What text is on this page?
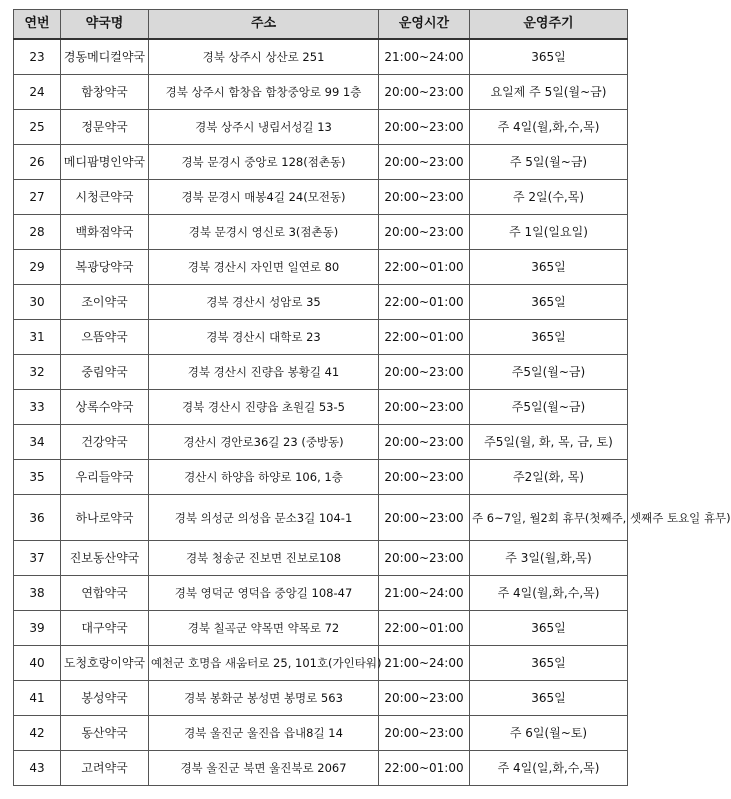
연번	약국명	주소	운영시간	운영주기
23	경동메디컬약국	경북 상주시 상산로 251	21:00~24:00	365일
24	함창약국	경북 상주시 함창읍 함창중앙로 99 1층	20:00~23:00	요일제 주 5일(월~금)
25	정문약국	경북 상주시 냉림서성길 13	20:00~23:00	주 4일(월,화,수,목)
26	메디팜명인약국	경북 문경시 중앙로 128(점촌동)	20:00~23:00	주 5일(월~금)
27	시청큰약국	경북 문경시 매봉4길 24(모전동)	20:00~23:00	주 2일(수,목)
28	백화점약국	경북 문경시 영신로 3(점촌동)	20:00~23:00	주 1일(일요일)
29	복광당약국	경북 경산시 자인면 일연로 80	22:00~01:00	365일
30	조이약국	경북 경산시 성암로 35	22:00~01:00	365일
31	으뜸약국	경북 경산시 대학로 23	22:00~01:00	365일
32	중림약국	경북 경산시 진량읍 봉황길 41	20:00~23:00	주5일(월~금)
33	상록수약국	경북 경산시 진량읍 초원길 53-5	20:00~23:00	주5일(월~금)
34	건강약국	경산시 경안로36길 23 (중방동)	20:00~23:00	주5일(월, 화, 목, 금, 토)
35	우리들약국	경산시 하양읍 하양로 106, 1층	20:00~23:00	주2일(화, 목)
36	하나로약국	경북 의성군 의성읍 문소3길 104-1	20:00~23:00	주 6~7일, 월2회 휴무(첫째주, 셋째주 토요일 휴무)
37	진보동산약국	경북 청송군 진보면 진보로108	20:00~23:00	주 3일(월,화,목)
38	연합약국	경북 영덕군 영덕읍 중앙길 108-47	21:00~24:00	주 4일(월,화,수,목)
39	대구약국	경북 칠곡군 약목면 약목로 72	22:00~01:00	365일
40	도청호랑이약국	예천군 호명읍 새움터로 25, 101호(가인타워)	21:00~24:00	365일
41	봉성약국	경북 봉화군 봉성면 봉명로 563	20:00~23:00	365일
42	동산약국	경북 울진군 울진읍 읍내8길 14	20:00~23:00	주 6일(월~토)
43	고려약국	경북 울진군 북면 울진북로 2067	22:00~01:00	주 4일(일,화,수,목)
